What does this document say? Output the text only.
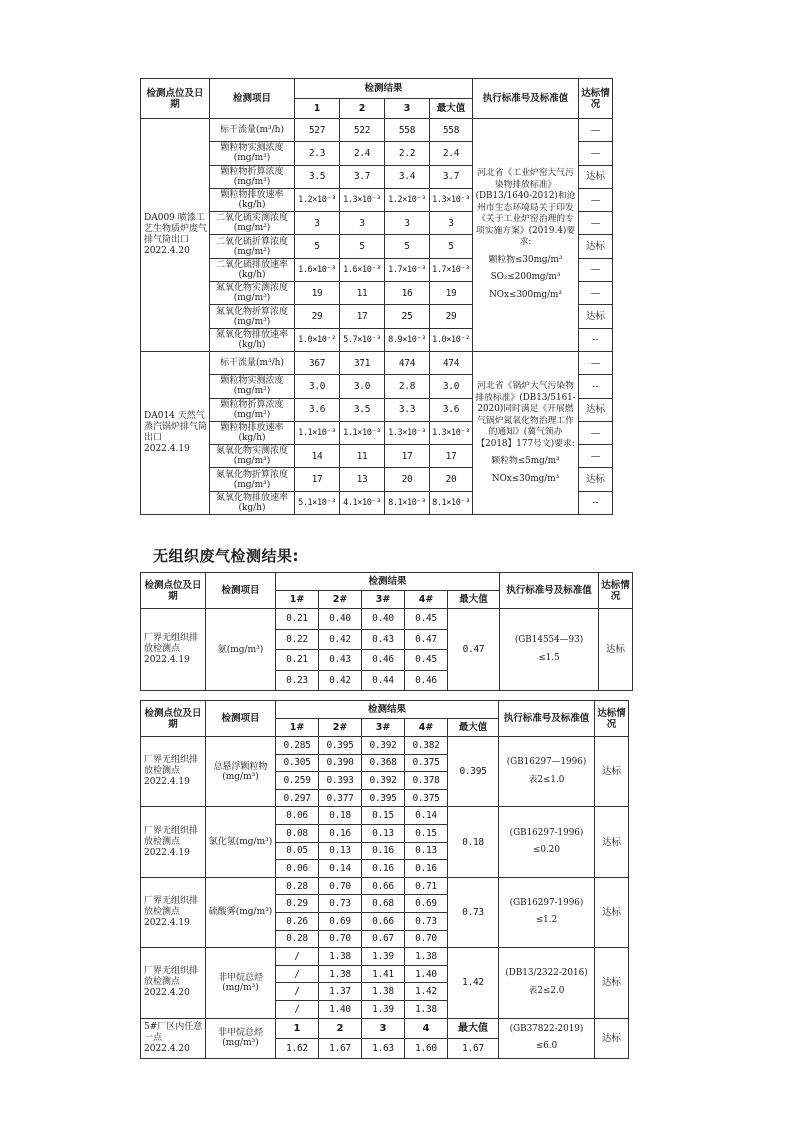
检测点位及日期	检测项目	检测结果				执行标准号及标准值	达标情况
		1	2	3	最大值		
DA009 喷漆工艺生物质炉废气排气筒出口 2022.4.20	标干流量(m³/h)	527	522	558	558	河北省《工业炉窑大气污染物排放标准》(DB13/1640-2012)和沧州市生态环境局关于印发《关于工业炉窑治理的专项实施方案》(2019.4)要求:
颗粒物≤30mg/m³
SO₂≤200mg/m³
NOx≤300mg/m³	—
	颗粒物实测浓度(mg/m³)	2.3	2.4	2.2	2.4		—
	颗粒物折算浓度(mg/m³)	3.5	3.7	3.4	3.7		达标
	颗粒物排放速率(kg/h)	1.2×10⁻³	1.3×10⁻³	1.2×10⁻³	1.3×10⁻³		—
	二氧化硫实测浓度(mg/m³)	3	3	3	3		—
	二氧化硫折算浓度(mg/m³)	5	5	5	5		达标
	二氧化硫排放速率(kg/h)	1.6×10⁻³	1.6×10⁻³	1.7×10⁻³	1.7×10⁻³		—
	氮氧化物实测浓度(mg/m³)	19	11	16	19		—
	氮氧化物折算浓度(mg/m³)	29	17	25	29		达标
	氮氧化物排放速率(kg/h)	1.0×10⁻²	5.7×10⁻³	8.9×10⁻³	1.0×10⁻²		--
DA014 天然气蒸汽锅炉排气筒出口 2022.4.19	标干流量(m³/h)	367	371	474	474	河北省《锅炉大气污染物排放标准》(DB13/5161-2020)同时满足《开展燃气锅炉氮氧化物治理工作的通知》(冀气领办【2018】177号文)要求:
颗粒物≤5mg/m³
NOx≤30mg/m³	—
	颗粒物实测浓度(mg/m³)	3.0	3.0	2.8	3.0		--
	颗粒物折算浓度(mg/m³)	3.6	3.5	3.3	3.6		达标
	颗粒物排放速率(kg/h)	1.1×10⁻³	1.1×10⁻³	1.3×10⁻³	1.3×10⁻³		—
	氮氧化物实测浓度(mg/m³)	14	11	17	17		—
	氮氧化物折算浓度(mg/m³)	17	13	20	20		达标
	氮氧化物排放速率(kg/h)	5.1×10⁻³	4.1×10⁻³	8.1×10⁻³	8.1×10⁻³		--
无组织废气检测结果:
检测点位及日期	检测项目	检测结果					执行标准号及标准值	达标情况
		1#	2#	3#	4#	最大值		
厂界无组织排放检测点 2022.4.19	氨(mg/m³)	0.21	0.40	0.40	0.45	0.47	(GB14554—93)
≤1.5	达标
		0.22	0.42	0.43	0.47			
		0.21	0.43	0.46	0.45			
		0.23	0.42	0.44	0.46			
检测点位及日期	检测项目	检测结果					执行标准号及标准值	达标情况
		1#	2#	3#	4#	最大值		
厂界无组织排放检测点 2022.4.19	总悬浮颗粒物(mg/m³)	0.285	0.395	0.392	0.382	0.395	(GB16297—1996)
表2≤1.0	达标
		0.305	0.390	0.368	0.375			
		0.259	0.393	0.392	0.378			
		0.297	0.377	0.395	0.375			
厂界无组织排放检测点 2022.4.19	氯化氢(mg/m³)	0.06	0.18	0.15	0.14	0.18	(GB16297-1996)
≤0.20	达标
		0.08	0.16	0.13	0.15			
		0.05	0.13	0.16	0.13			
		0.06	0.14	0.16	0.16			
厂界无组织排放检测点 2022.4.19	硫酸雾(mg/m³)	0.28	0.70	0.66	0.71	0.73	(GB16297-1996)
≤1.2	达标
		0.29	0.73	0.68	0.69			
		0.26	0.69	0.66	0.73			
		0.28	0.70	0.67	0.70			
厂界无组织排放检测点 2022.4.20	非甲烷总烃(mg/m³)	/	1.38	1.39	1.38	1.42	(DB13/2322-2016)
表2≤2.0	达标
		/	1.38	1.41	1.40			
		/	1.37	1.38	1.42			
		/	1.40	1.39	1.38			
5#厂区内任意一点 2022.4.20	非甲烷总烃(mg/m³)	1	2	3	4	最大值	(GB37822-2019)
≤6.0	达标
		1.62	1.67	1.63	1.60	1.67		
